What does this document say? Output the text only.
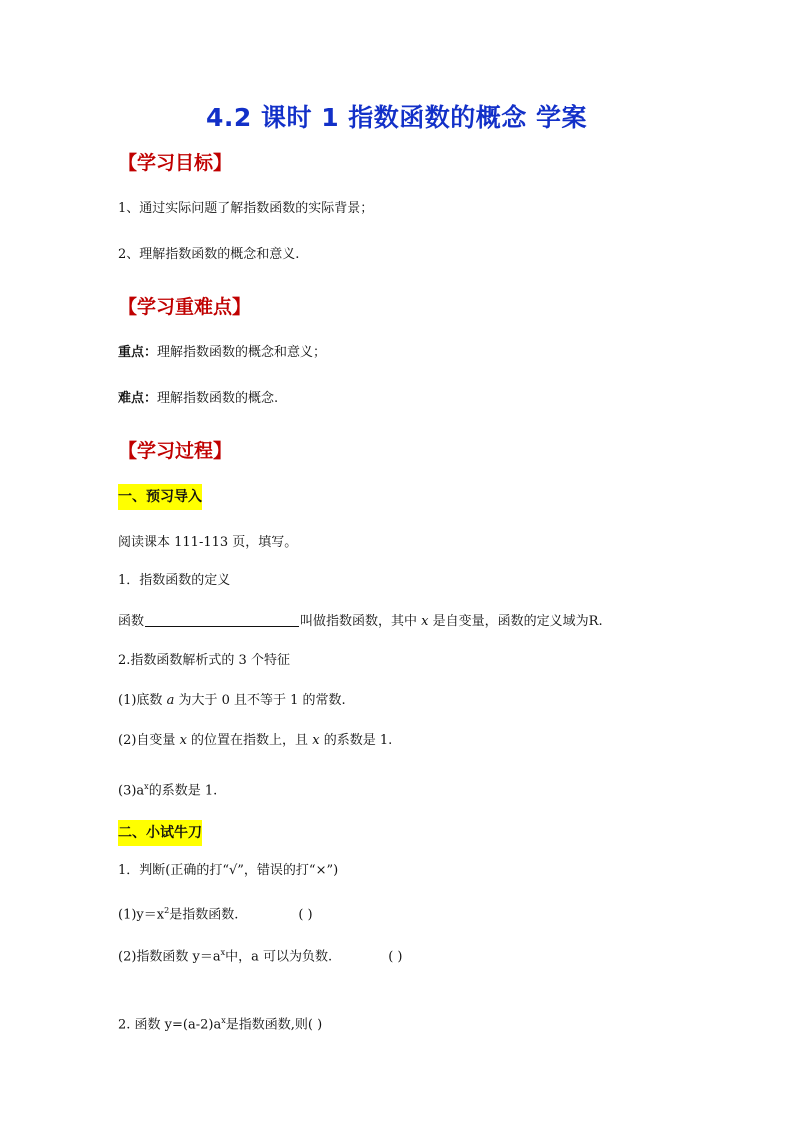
4.2 课时 1 指数函数的概念 学案
【学习目标】
1、通过实际问题了解指数函数的实际背景；
2、理解指数函数的概念和意义.
【学习重难点】
重点：理解指数函数的概念和意义；
难点：理解指数函数的概念.
【学习过程】
一、预习导入
阅读课本 111-113 页，填写。
1．指数函数的定义
函数	叫做指数函数，其中 x 是自变量，函数的定义域为R.
2.指数函数解析式的 3 个特征
(1)底数 a 为大于 0 且不等于 1 的常数.
(2)自变量 x 的位置在指数上，且 x 的系数是 1.
$(3)a^x$的系数是 1.
二、小试牛刀
1．判断(正确的打“√”，错误的打“×”)
$(1)y=x^2$是指数函数.	( )
(2)指数函数 $y=a^x$中，a 可以为负数.	( )
2. 函数 $y=(a-2)a^x$是指数函数,则( )
